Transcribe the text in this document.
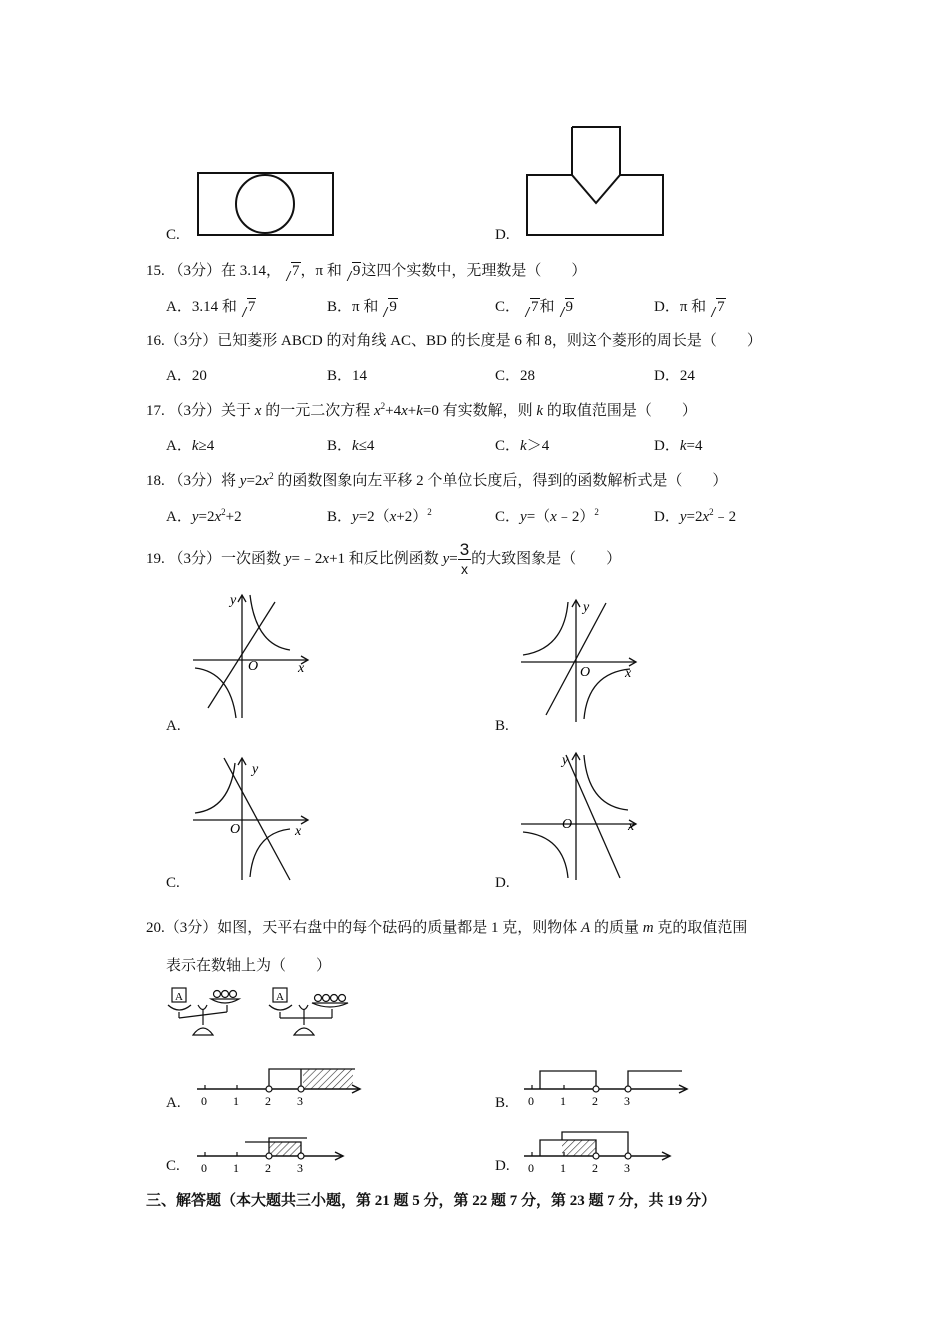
C.	D.
15. （3分）在 3.14， 7，π 和 9这四个实数中，无理数是（　　）
A．3.14 和 7	B．π 和 9	C． 7和 9	D．π 和 7
16.（3分）已知菱形 ABCD 的对角线 AC、BD 的长度是 6 和 8，则这个菱形的周长是（　　）
A．20	B．14	C．28	D．24
17. （3分）关于 x 的一元二次方程 $x^2+4x+k=0$ 有实数解，则 k 的取值范围是（　　）
A．k≥4	B．k≤4	C．k＞4	D．k=4
18. （3分）将 $y=2x^2$ 的函数图象向左平移 2 个单位长度后，得到的函数解析式是（　　）
A．$y=2x^2+2$	B．$y=2(x+2)^2$	C．y=（x﹣2）$^2$	D．$y=2x^2﹣2$
19. （3分）一次函数 y=﹣2x+1 和反比例函数 $y= \frac{3}{x}$ 的大致图象是（　　）
y
x
O
A.
y
x
O
B.
y
x
O
C.
y
x
O
D.
20.（3分）如图，天平右盘中的每个砝码的质量都是 1 克，则物体 A 的质量 m 克的取值范围
表示在数轴上为（　　）
A	A
0 1 2 3
A.	0 1 2 3
B.
0 1 2 3
C.	0 1 2 3
D.
三、解答题（本大题共三小题，第 21 题 5 分，第 22 题 7 分，第 23 题 7 分，共 19 分）
